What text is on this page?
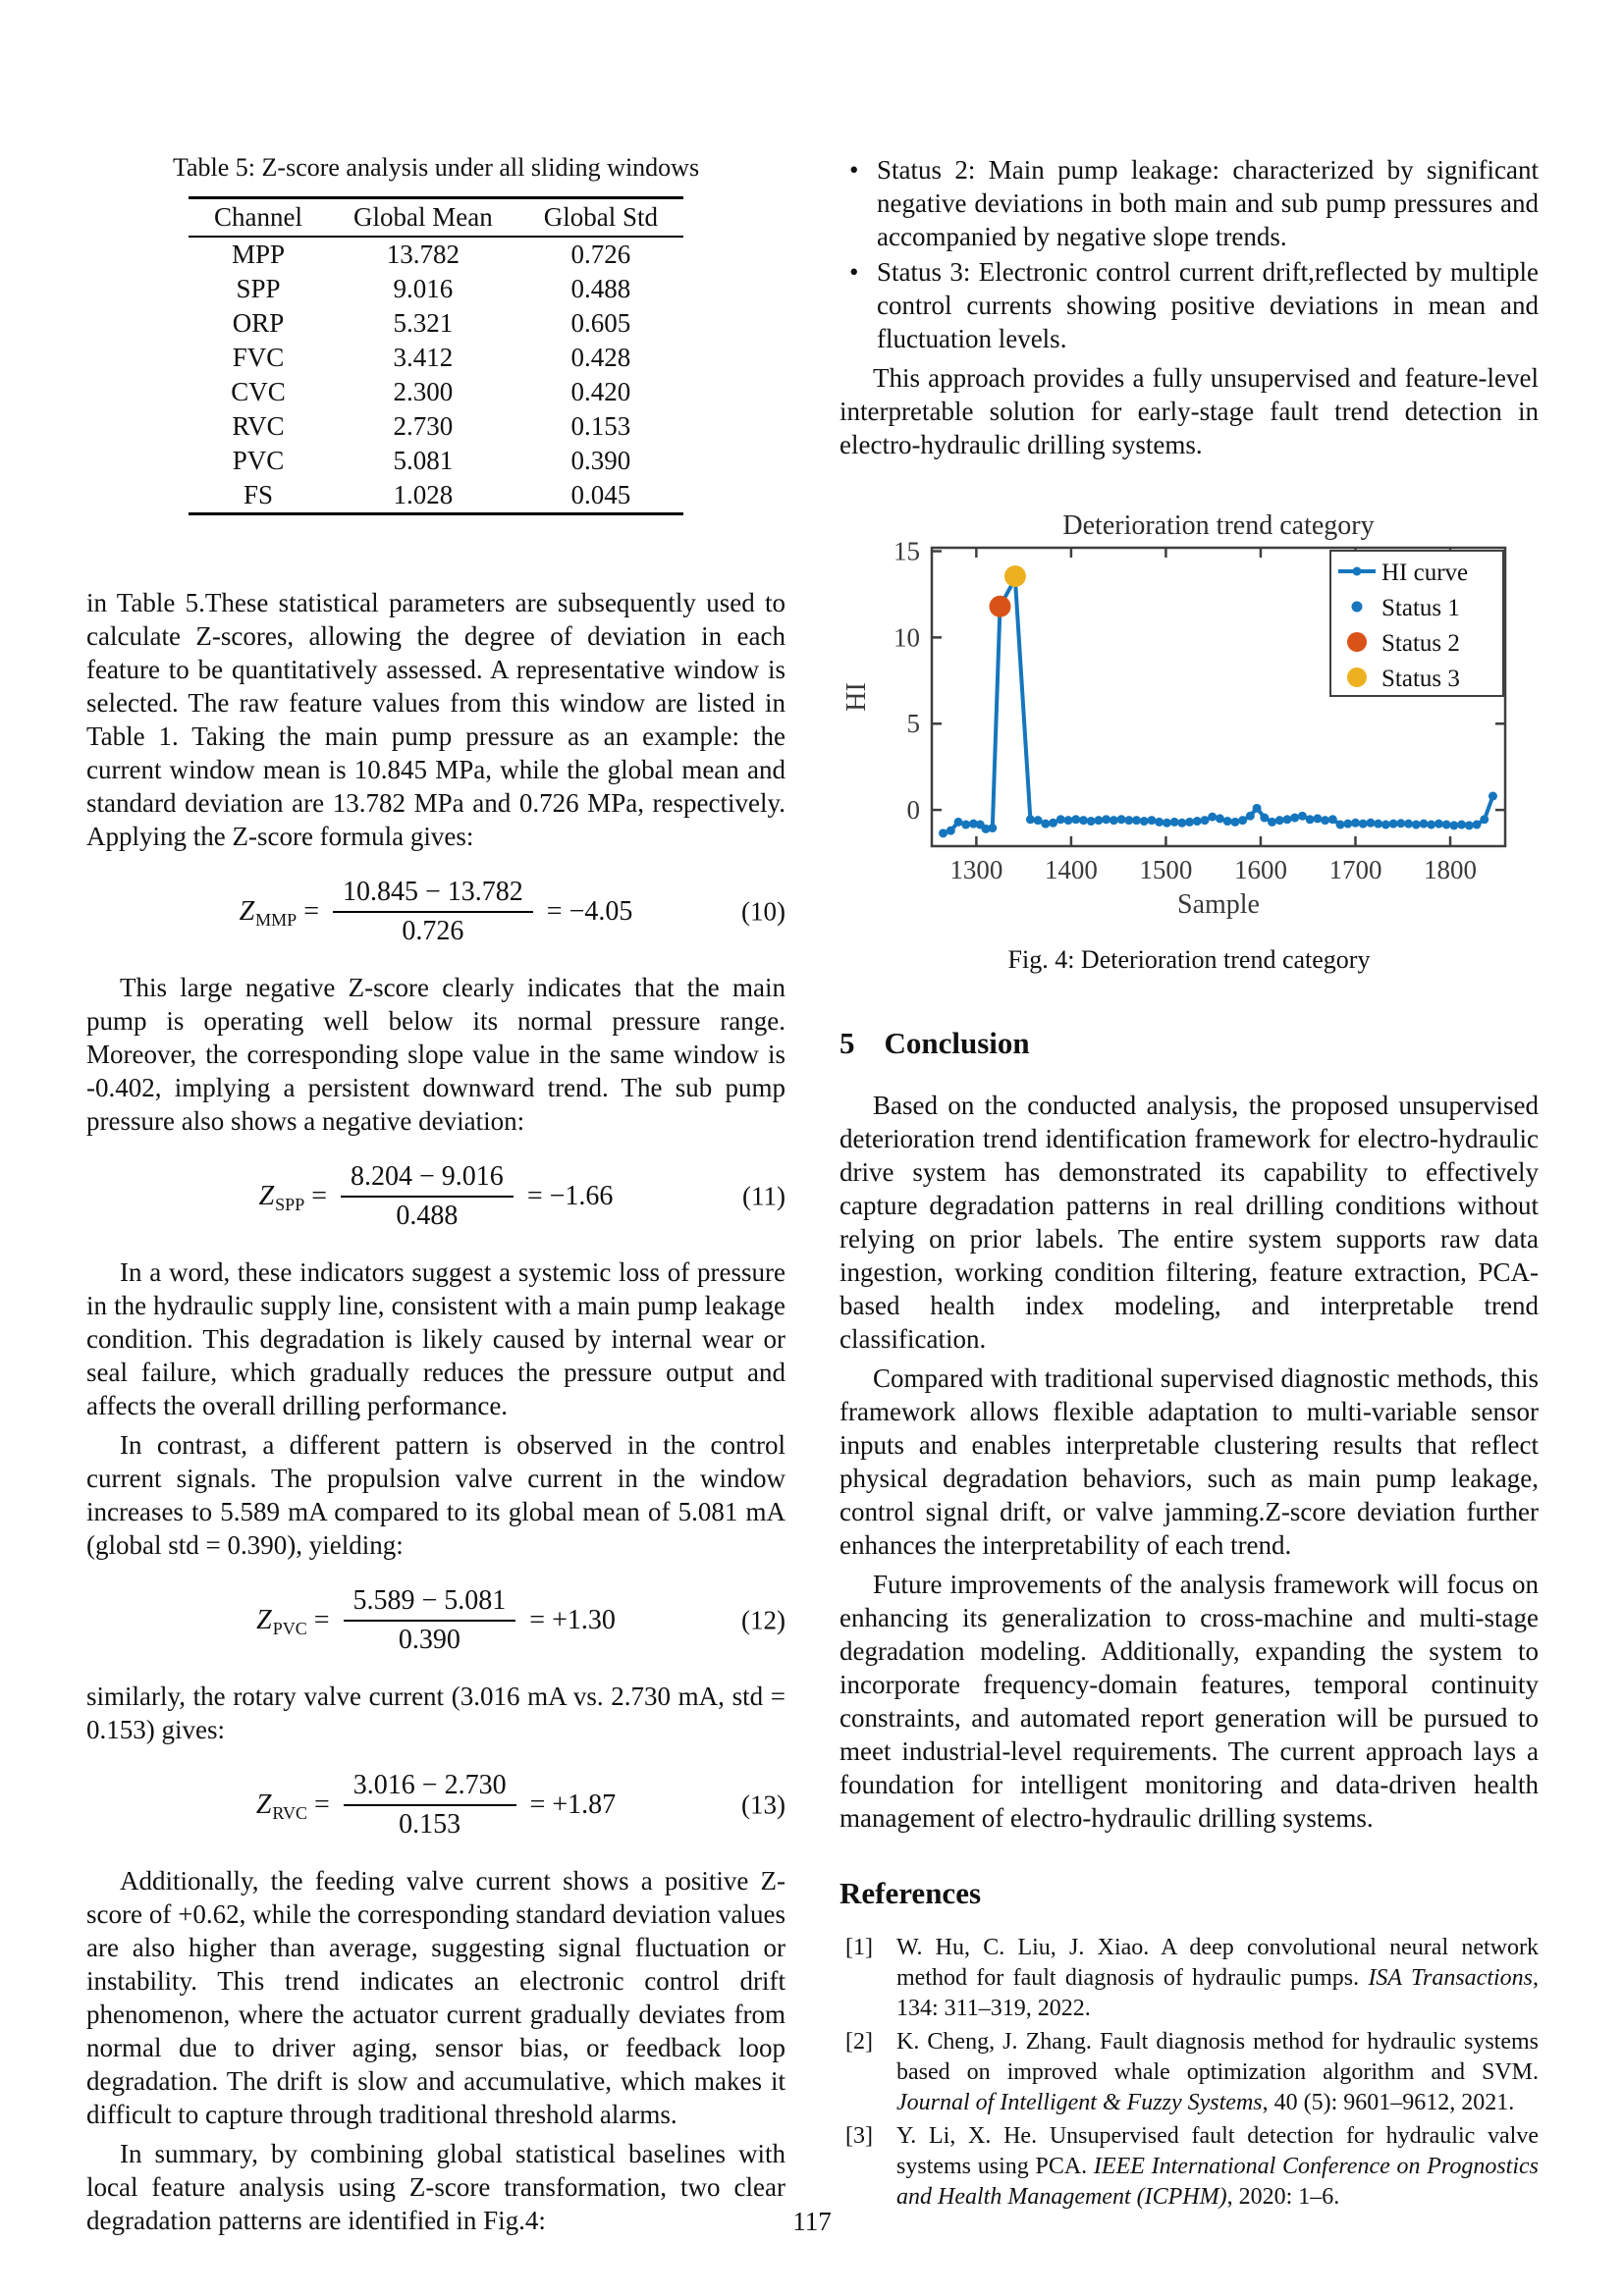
Table 5: Z-score analysis under all sliding windows

Channel	Global Mean	Global Std
MPP	13.782	0.726
SPP	9.016	0.488
ORP	5.321	0.605
FVC	3.412	0.428
CVC	2.300	0.420
RVC	2.730	0.153
PVC	5.081	0.390
FS	1.028	0.045

in Table 5.These statistical parameters are subsequently used to calculate Z-scores, allowing the degree of deviation in each feature to be quantitatively assessed. A representative window is selected. The raw feature values from this window are listed in Table 1. Taking the main pump pressure as an example: the current window mean is 10.845 MPa, while the global mean and standard deviation are 13.782 MPa and 0.726 MPa, respectively. Applying the Z-score formula gives:

$Z_{MMP} = \frac{10.845 - 13.782}{0.726} = -4.05$	(10)

This large negative Z-score clearly indicates that the main pump is operating well below its normal pressure range. Moreover, the corresponding slope value in the same window is -0.402, implying a persistent downward trend. The sub pump pressure also shows a negative deviation:

$Z_{SPP} = \frac{8.204 - 9.016}{0.488} = -1.66$	(11)

In a word, these indicators suggest a systemic loss of pressure in the hydraulic supply line, consistent with a main pump leakage condition. This degradation is likely caused by internal wear or seal failure, which gradually reduces the pressure output and affects the overall drilling performance.

In contrast, a different pattern is observed in the control current signals. The propulsion valve current in the window increases to 5.589 mA compared to its global mean of 5.081 mA (global std = 0.390), yielding:

$Z_{PVC} = \frac{5.589 - 5.081}{0.390} = +1.30$	(12)

similarly, the rotary valve current (3.016 mA vs. 2.730 mA, std = 0.153) gives:

$Z_{RVC} = \frac{3.016 - 2.730}{0.153} = +1.87$	(13)

Additionally, the feeding valve current shows a positive Z-score of +0.62, while the corresponding standard deviation values are also higher than average, suggesting signal fluctuation or instability. This trend indicates an electronic control drift phenomenon, where the actuator current gradually deviates from normal due to driver aging, sensor bias, or feedback loop degradation. The drift is slow and accumulative, which makes it difficult to capture through traditional threshold alarms.

In summary, by combining global statistical baselines with local feature analysis using Z-score transformation, two clear degradation patterns are identified in Fig.4:

• Status 2: Main pump leakage: characterized by significant negative deviations in both main and sub pump pressures and accompanied by negative slope trends.
• Status 3: Electronic control current drift,reflected by multiple control currents showing positive deviations in mean and fluctuation levels.

This approach provides a fully unsupervised and feature-level interpretable solution for early-stage fault trend detection in electro-hydraulic drilling systems.

Deterioration trend category
1300 1400 1500 1600 1700 1800
0
5
10
15
Sample
HI
HI curve
Status 1
Status 2
Status 3

Fig. 4: Deterioration trend category

5 Conclusion

Based on the conducted analysis, the proposed unsupervised deterioration trend identification framework for electro-hydraulic drive system has demonstrated its capability to effectively capture degradation patterns in real drilling conditions without relying on prior labels. The entire system supports raw data ingestion, working condition filtering, feature extraction, PCA-based health index modeling, and interpretable trend classification.

Compared with traditional supervised diagnostic methods, this framework allows flexible adaptation to multi-variable sensor inputs and enables interpretable clustering results that reflect physical degradation behaviors, such as main pump leakage, control signal drift, or valve jamming.Z-score deviation further enhances the interpretability of each trend.

Future improvements of the analysis framework will focus on enhancing its generalization to cross-machine and multi-stage degradation modeling. Additionally, expanding the system to incorporate frequency-domain features, temporal continuity constraints, and automated report generation will be pursued to meet industrial-level requirements. The current approach lays a foundation for intelligent monitoring and data-driven health management of electro-hydraulic drilling systems.

References
[1]	W. Hu, C. Liu, J. Xiao. A deep convolutional neural network method for fault diagnosis of hydraulic pumps. ISA Transactions, 134: 311–319, 2022.
[2]	K. Cheng, J. Zhang. Fault diagnosis method for hydraulic systems based on improved whale optimization algorithm and SVM. Journal of Intelligent & Fuzzy Systems, 40 (5): 9601–9612, 2021.
[3]	Y. Li, X. He. Unsupervised fault detection for hydraulic valve systems using PCA. IEEE International Conference on Prognostics and Health Management (ICPHM), 2020: 1–6.
117
